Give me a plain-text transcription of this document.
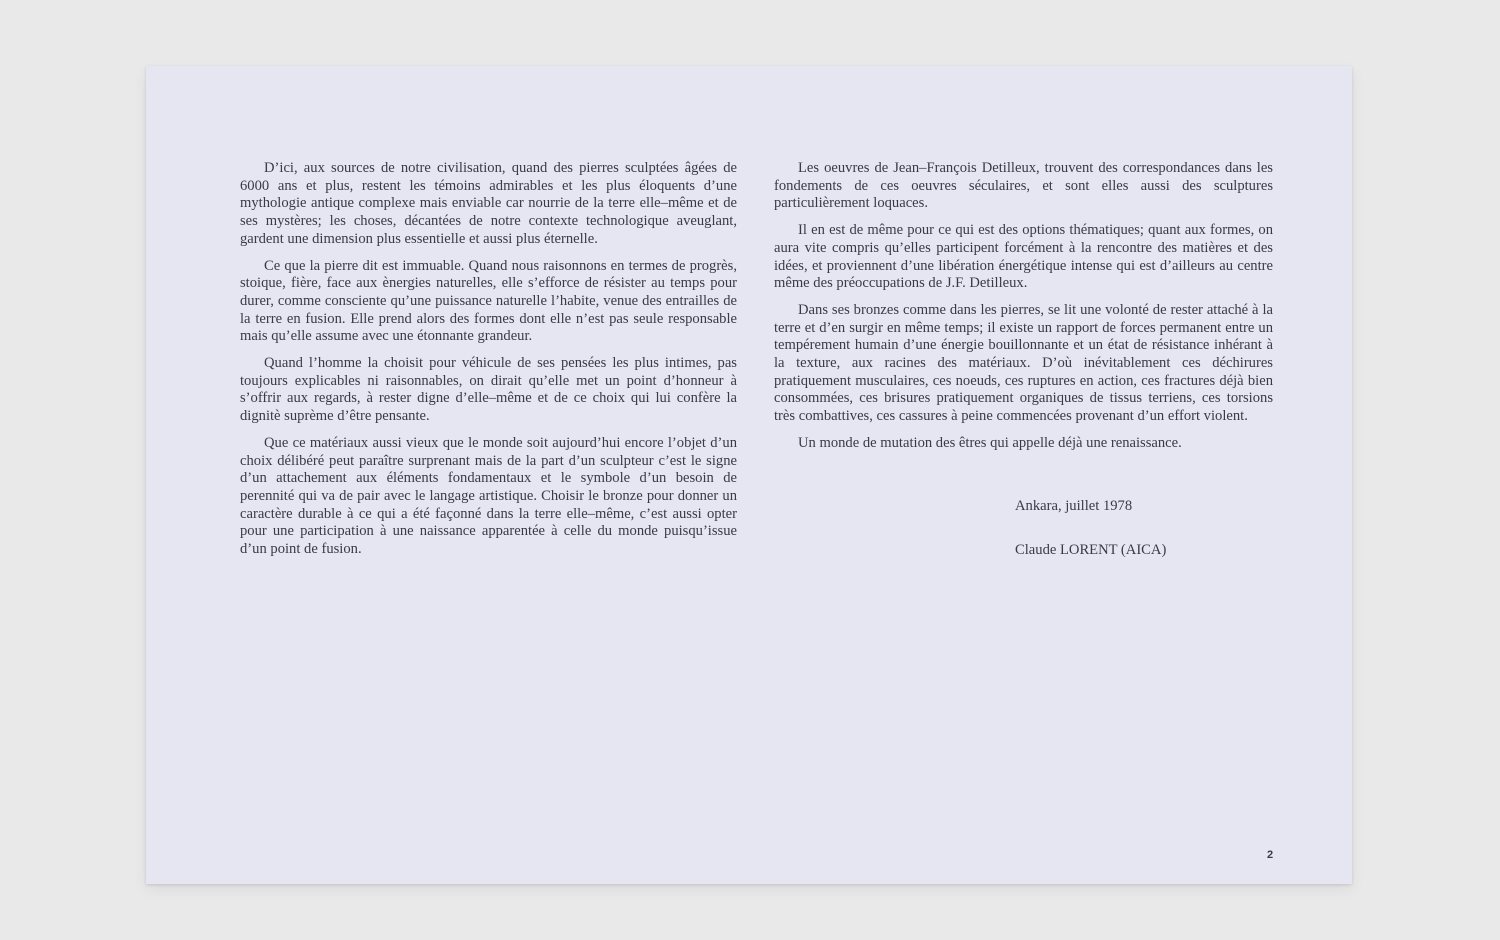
D’ici, aux sources de notre civilisation, quand des pierres sculptées âgées de 6000 ans et plus, restent les témoins admirables et les plus éloquents d’une mythologie antique complexe mais enviable car nourrie de la terre elle–même et de ses mystères; les choses, décantées de notre contexte technologique aveuglant, gardent une dimension plus essentielle et aussi plus éternelle.

Ce que la pierre dit est immuable. Quand nous raisonnons en termes de progrès, stoique, fière, face aux ènergies naturelles, elle s’efforce de résister au temps pour durer, comme consciente qu’une puissance naturelle l’habite, venue des entrailles de la terre en fusion. Elle prend alors des formes dont elle n’est pas seule responsable mais qu’elle assume avec une étonnante grandeur.

Quand l’homme la choisit pour véhicule de ses pensées les plus intimes, pas toujours explicables ni raisonnables, on dirait qu’elle met un point d’honneur à s’offrir aux regards, à rester digne d’elle–même et de ce choix qui lui confère la dignitè suprème d’être pensante.

Que ce matériaux aussi vieux que le monde soit aujourd’hui encore l’objet d’un choix délibéré peut paraître surprenant mais de la part d’un sculpteur c’est le signe d’un attachement aux éléments fondamentaux et le symbole d’un besoin de perennité qui va de pair avec le langage artistique. Choisir le bronze pour donner un caractère durable à ce qui a été façonné dans la terre elle–même, c’est aussi opter pour une participation à une naissance apparentée à celle du monde puisqu’issue d’un point de fusion.

Les oeuvres de Jean–François Detilleux, trouvent des correspondances dans les fondements de ces oeuvres séculaires, et sont elles aussi des sculptures particulièrement loquaces.

Il en est de même pour ce qui est des options thématiques; quant aux formes, on aura vite compris qu’elles participent forcément à la rencontre des matières et des idées, et proviennent d’une libération énergétique intense qui est d’ailleurs au centre même des préoccupations de J.F. Detilleux.

Dans ses bronzes comme dans les pierres, se lit une volonté de rester attaché à la terre et d’en surgir en même temps; il existe un rapport de forces permanent entre un tempérement humain d’une énergie bouillonnante et un état de résistance inhérant à la texture, aux racines des matériaux. D’où inévitablement ces déchirures pratiquement musculaires, ces noeuds, ces ruptures en action, ces fractures déjà bien consommées, ces brisures pratiquement organiques de tissus terriens, ces torsions très combattives, ces cassures à peine commencées provenant d’un effort violent.

Un monde de mutation des êtres qui appelle déjà une renaissance.

Ankara, juillet 1978
Claude LORENT (AICA)
2
